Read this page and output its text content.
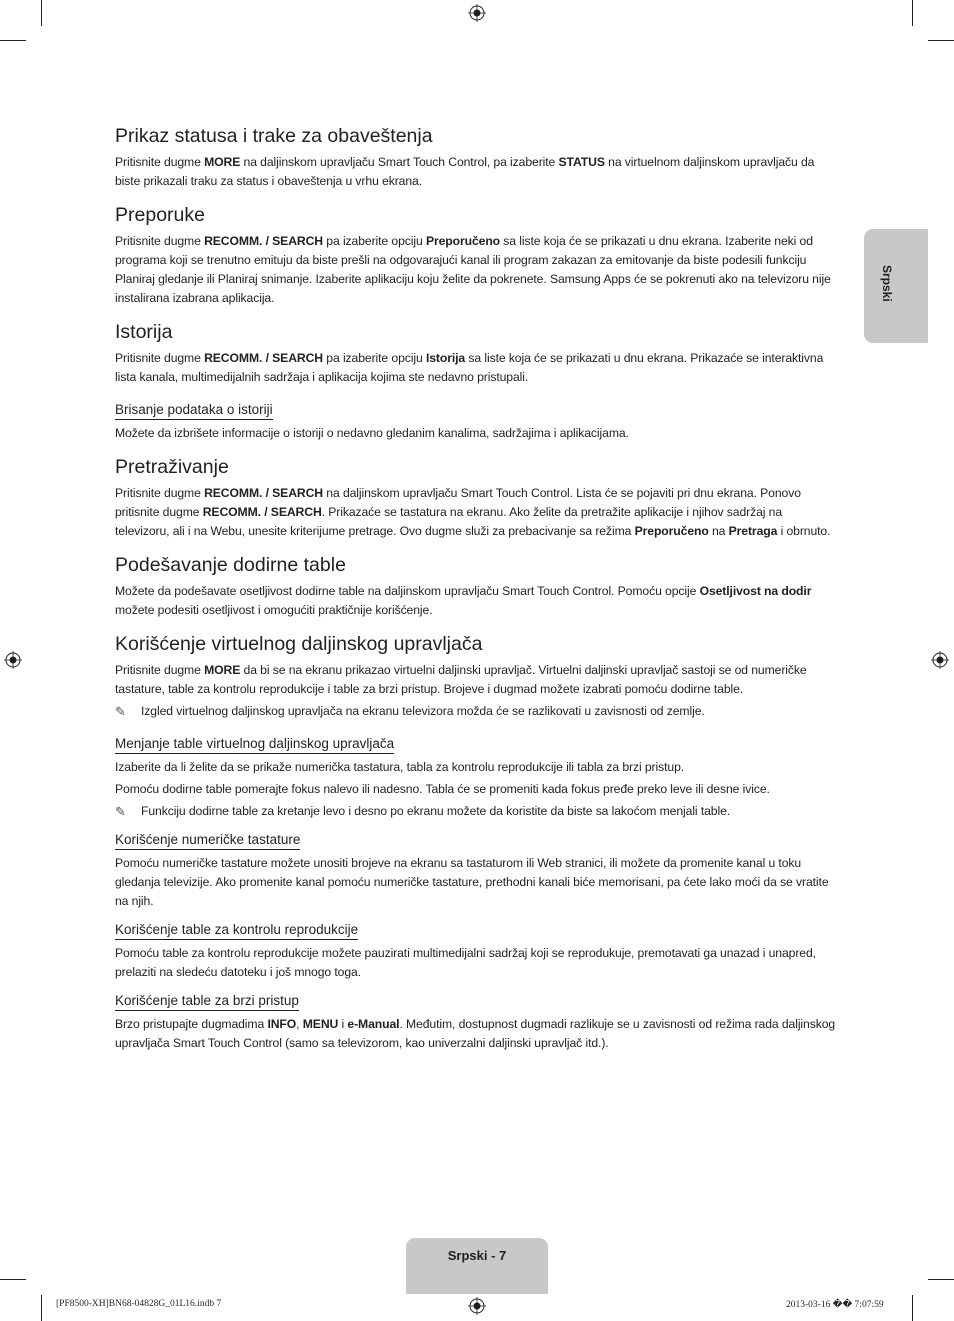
Srpski
Prikaz statusa i trake za obaveštenja

Pritisnite dugme MORE na daljinskom upravljaču Smart Touch Control, pa izaberite STATUS na virtuelnom daljinskom upravljaču da biste prikazali traku za status i obaveštenja u vrhu ekrana.

Preporuke

Pritisnite dugme RECOMM. / SEARCH pa izaberite opciju Preporučeno sa liste koja će se prikazati u dnu ekrana. Izaberite neki od programa koji se trenutno emituju da biste prešli na odgovarajući kanal ili program zakazan za emitovanje da biste podesili funkciju Planiraj gledanje ili Planiraj snimanje. Izaberite aplikaciju koju želite da pokrenete. Samsung Apps će se pokrenuti ako na televizoru nije instalirana izabrana aplikacija.

Istorija

Pritisnite dugme RECOMM. / SEARCH pa izaberite opciju Istorija sa liste koja će se prikazati u dnu ekrana. Prikazaće se interaktivna lista kanala, multimedijalnih sadržaja i aplikacija kojima ste nedavno pristupali.

Brisanje podataka o istoriji

Možete da izbrišete informacije o istoriji o nedavno gledanim kanalima, sadržajima i aplikacijama.

Pretraživanje

Pritisnite dugme RECOMM. / SEARCH na daljinskom upravljaču Smart Touch Control. Lista će se pojaviti pri dnu ekrana. Ponovo pritisnite dugme RECOMM. / SEARCH. Prikazaće se tastatura na ekranu. Ako želite da pretražite aplikacije i njihov sadržaj na televizoru, ali i na Webu, unesite kriterijume pretrage. Ovo dugme služi za prebacivanje sa režima Preporučeno na Pretraga i obrnuto.

Podešavanje dodirne table

Možete da podešavate osetljivost dodirne table na daljinskom upravljaču Smart Touch Control. Pomoću opcije Osetljivost na dodir možete podesiti osetljivost i omogućiti praktičnije korišćenje.

Korišćenje virtuelnog daljinskog upravljača

Pritisnite dugme MORE da bi se na ekranu prikazao virtuelni daljinski upravljač. Virtuelni daljinski upravljač sastoji se od numeričke tastature, table za kontrolu reprodukcije i table za brzi pristup. Brojeve i dugmad možete izabrati pomoću dodirne table.

✎ Izgled virtuelnog daljinskog upravljača na ekranu televizora možda će se razlikovati u zavisnosti od zemlje.

Menjanje table virtuelnog daljinskog upravljača

Izaberite da li želite da se prikaže numerička tastatura, tabla za kontrolu reprodukcije ili tabla za brzi pristup.

Pomoću dodirne table pomerajte fokus nalevo ili nadesno. Tabla će se promeniti kada fokus pređe preko leve ili desne ivice.

✎ Funkciju dodirne table za kretanje levo i desno po ekranu možete da koristite da biste sa lakoćom menjali table.

Korišćenje numeričke tastature

Pomoću numeričke tastature možete unositi brojeve na ekranu sa tastaturom ili Web stranici, ili možete da promenite kanal u toku gledanja televizije. Ako promenite kanal pomoću numeričke tastature, prethodni kanali biće memorisani, pa ćete lako moći da se vratite na njih.

Korišćenje table za kontrolu reprodukcije

Pomoću table za kontrolu reprodukcije možete pauzirati multimedijalni sadržaj koji se reprodukuje, premotavati ga unazad i unapred, prelaziti na sledeću datoteku i još mnogo toga.

Korišćenje table za brzi pristup

Brzo pristupajte dugmadima INFO, MENU i e-Manual. Međutim, dostupnost dugmadi razlikuje se u zavisnosti od režima rada daljinskog upravljača Smart Touch Control (samo sa televizorom, kao univerzalni daljinski upravljač itd.).

Srpski - 7
[PF8500-XH]BN68-04828G_01L16.indb 7	2013-03-16 �� 7:07:59
